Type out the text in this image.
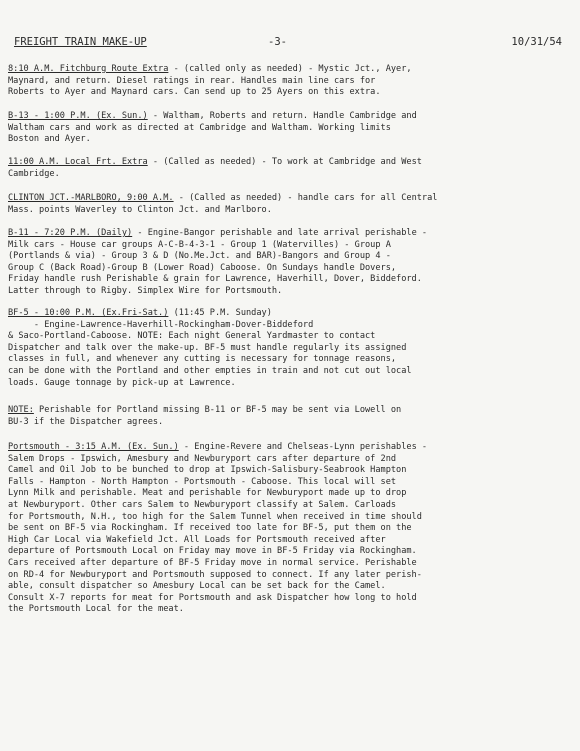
FREIGHT TRAIN MAKE-UP	-3-	10/31/54
8:10 A.M. Fitchburg Route Extra - (called only as needed) - Mystic Jct., Ayer,
Maynard, and return. Diesel ratings in rear. Handles main line cars for
Roberts to Ayer and Maynard cars. Can send up to 25 Ayers on this extra.
B-13 - 1:00 P.M. (Ex. Sun.) - Waltham, Roberts and return. Handle Cambridge and
Waltham cars and work as directed at Cambridge and Waltham. Working limits
Boston and Ayer.
11:00 A.M. Local Frt. Extra - (Called as needed) - To work at Cambridge and West
Cambridge.
CLINTON JCT.-MARLBORO, 9:00 A.M. - (Called as needed) - handle cars for all Central
Mass. points Waverley to Clinton Jct. and Marlboro.
B-11 - 7:20 P.M. (Daily) - Engine-Bangor perishable and late arrival perishable -
Milk cars - House car groups A-C-B-4-3-1 - Group 1 (Watervilles) - Group A
(Portlands & via) - Group 3 & D (No.Me.Jct. and BAR)-Bangors and Group 4 -
Group C (Back Road)-Group B (Lower Road) Caboose. On Sundays handle Dovers,
Friday handle rush Perishable & grain for Lawrence, Haverhill, Dover, Biddeford.
Latter through to Rigby. Simplex Wire for Portsmouth.
BF-5 - 10:00 P.M. (Ex.Fri-Sat.) (11:45 P.M. Sunday)
- Engine-Lawrence-Haverhill-Rockingham-Dover-Biddeford
& Saco-Portland-Caboose. NOTE: Each night General Yardmaster to contact
Dispatcher and talk over the make-up. BF-5 must handle regularly its assigned
classes in full, and whenever any cutting is necessary for tonnage reasons,
can be done with the Portland and other empties in train and not cut out local
loads. Gauge tonnage by pick-up at Lawrence.
NOTE: Perishable for Portland missing B-11 or BF-5 may be sent via Lowell on
BU-3 if the Dispatcher agrees.
Portsmouth - 3:15 A.M. (Ex. Sun.) - Engine-Revere and Chelseas-Lynn perishables -
Salem Drops - Ipswich, Amesbury and Newburyport cars after departure of 2nd
Camel and Oil Job to be bunched to drop at Ipswich-Salisbury-Seabrook Hampton
Falls - Hampton - North Hampton - Portsmouth - Caboose. This local will set
Lynn Milk and perishable. Meat and perishable for Newburyport made up to drop
at Newburyport. Other cars Salem to Newburyport classify at Salem. Carloads
for Portsmouth, N.H., too high for the Salem Tunnel when received in time should
be sent on BF-5 via Rockingham. If received too late for BF-5, put them on the
High Car Local via Wakefield Jct. All Loads for Portsmouth received after
departure of Portsmouth Local on Friday may move in BF-5 Friday via Rockingham.
Cars received after departure of BF-5 Friday move in normal service. Perishable
on RD-4 for Newburyport and Portsmouth supposed to connect. If any later perish-
able, consult dispatcher so Amesbury Local can be set back for the Camel.
Consult X-7 reports for meat for Portsmouth and ask Dispatcher how long to hold
the Portsmouth Local for the meat.
